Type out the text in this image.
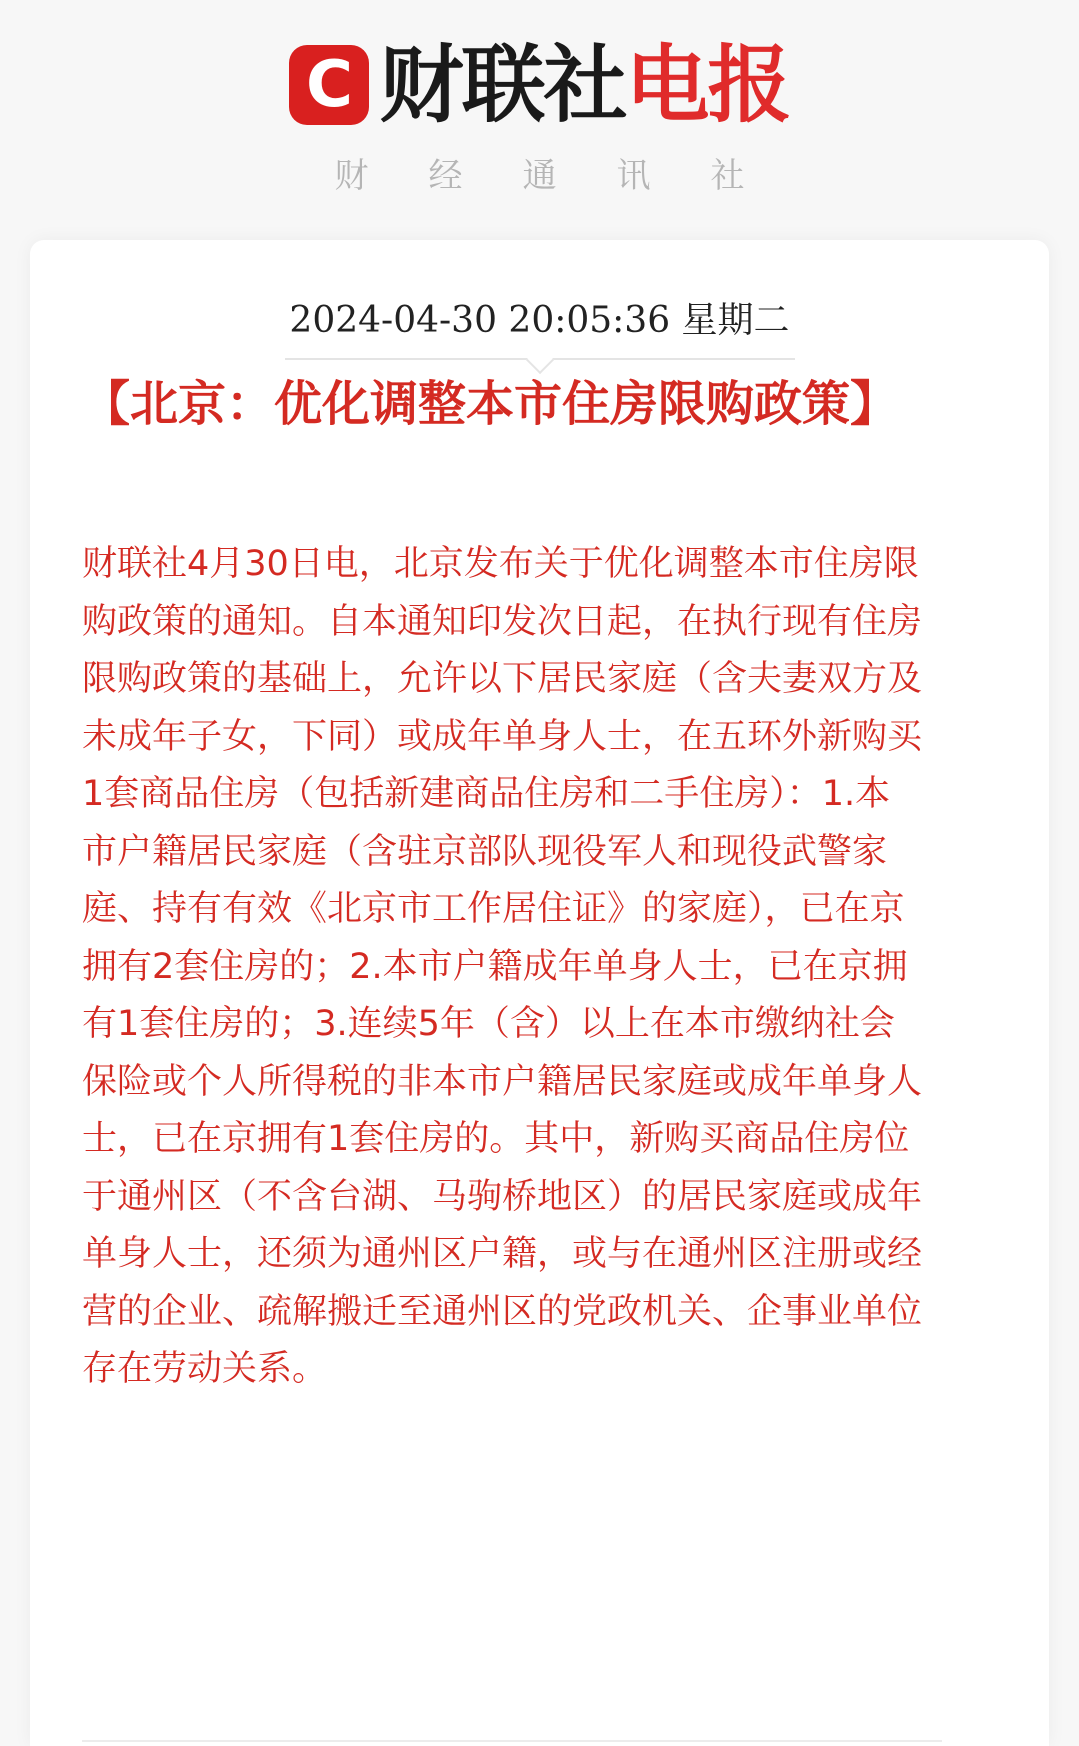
C 财联社 电报
财经通讯社
2024-04-30 20:05:36 星期二
【北京：优化调整本市住房限购政策】

财联社4月30日电，北京发布关于优化调整本市住房限购政策的通知。自本通知印发次日起，在执行现有住房限购政策的基础上，允许以下居民家庭（含夫妻双方及未成年子女，下同）或成年单身人士，在五环外新购买1套商品住房（包括新建商品住房和二手住房）：1.本市户籍居民家庭（含驻京部队现役军人和现役武警家庭、持有有效《北京市工作居住证》的家庭），已在京拥有2套住房的；2.本市户籍成年单身人士，已在京拥有1套住房的；3.连续5年（含）以上在本市缴纳社会保险或个人所得税的非本市户籍居民家庭或成年单身人士，已在京拥有1套住房的。其中，新购买商品住房位于通州区（不含台湖、马驹桥地区）的居民家庭或成年单身人士，还须为通州区户籍，或与在通州区注册或经营的企业、疏解搬迁至通州区的党政机关、企事业单位存在劳动关系。
